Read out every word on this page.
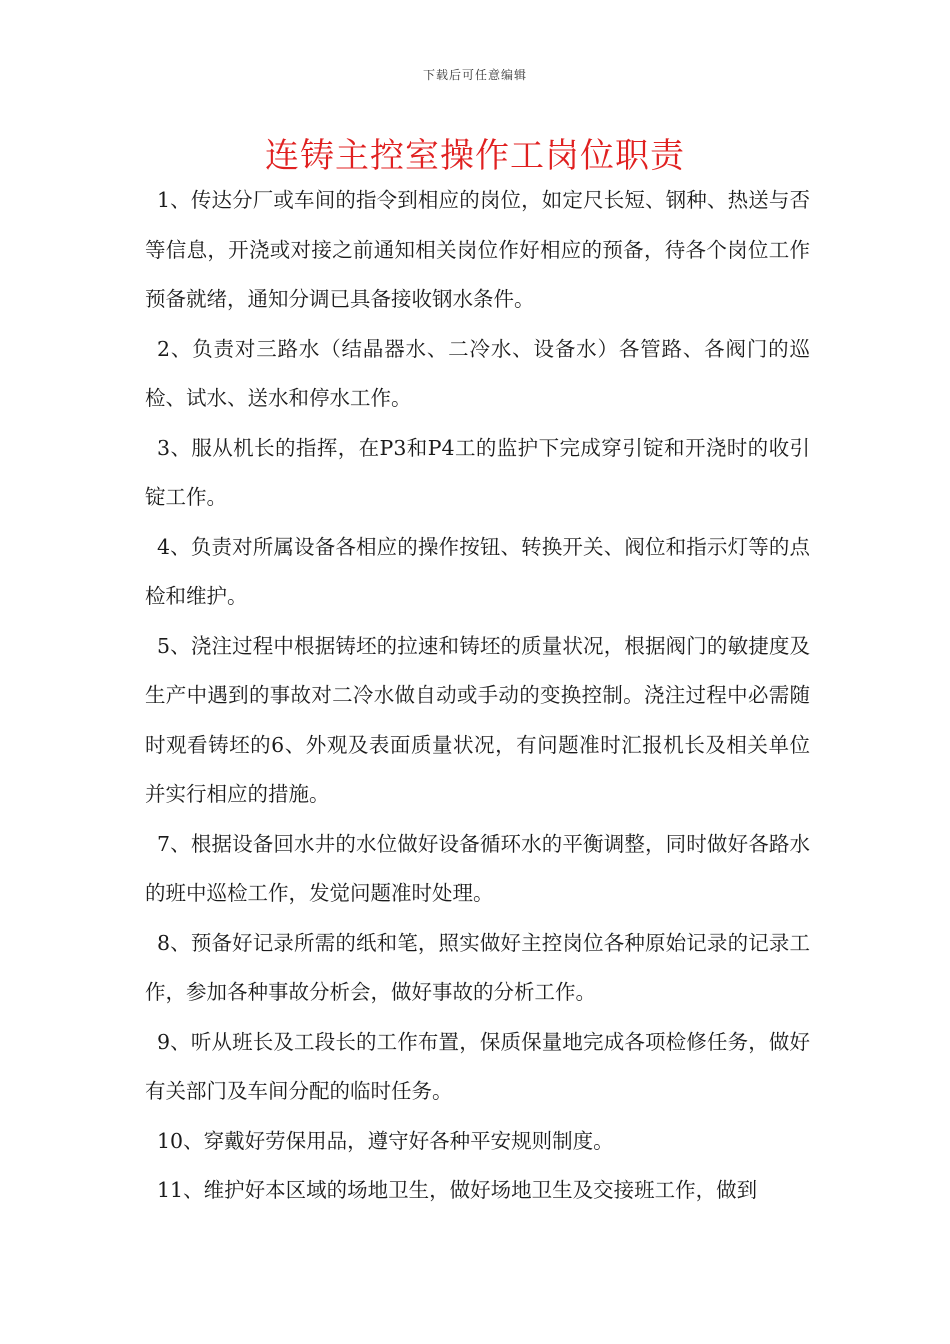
下载后可任意编辑
连铸主控室操作工岗位职责

1、传达分厂或车间的指令到相应的岗位，如定尺长短、钢种、热送与否等信息，开浇或对接之前通知相关岗位作好相应的预备，待各个岗位工作预备就绪，通知分调已具备接收钢水条件。

2、负责对三路水（结晶器水、二冷水、设备水）各管路、各阀门的巡检、试水、送水和停水工作。

3、服从机长的指挥，在P3和P4工的监护下完成穿引锭和开浇时的收引锭工作。

4、负责对所属设备各相应的操作按钮、转换开关、阀位和指示灯等的点检和维护。

5、浇注过程中根据铸坯的拉速和铸坯的质量状况，根据阀门的敏捷度及生产中遇到的事故对二冷水做自动或手动的变换控制。浇注过程中必需随时观看铸坯的6、外观及表面质量状况，有问题准时汇报机长及相关单位并实行相应的措施。

7、根据设备回水井的水位做好设备循环水的平衡调整，同时做好各路水的班中巡检工作，发觉问题准时处理。

8、预备好记录所需的纸和笔，照实做好主控岗位各种原始记录的记录工作，参加各种事故分析会，做好事故的分析工作。

9、听从班长及工段长的工作布置，保质保量地完成各项检修任务，做好有关部门及车间分配的临时任务。

10、穿戴好劳保用品，遵守好各种平安规则制度。

11、维护好本区域的场地卫生，做好场地卫生及交接班工作，做到
